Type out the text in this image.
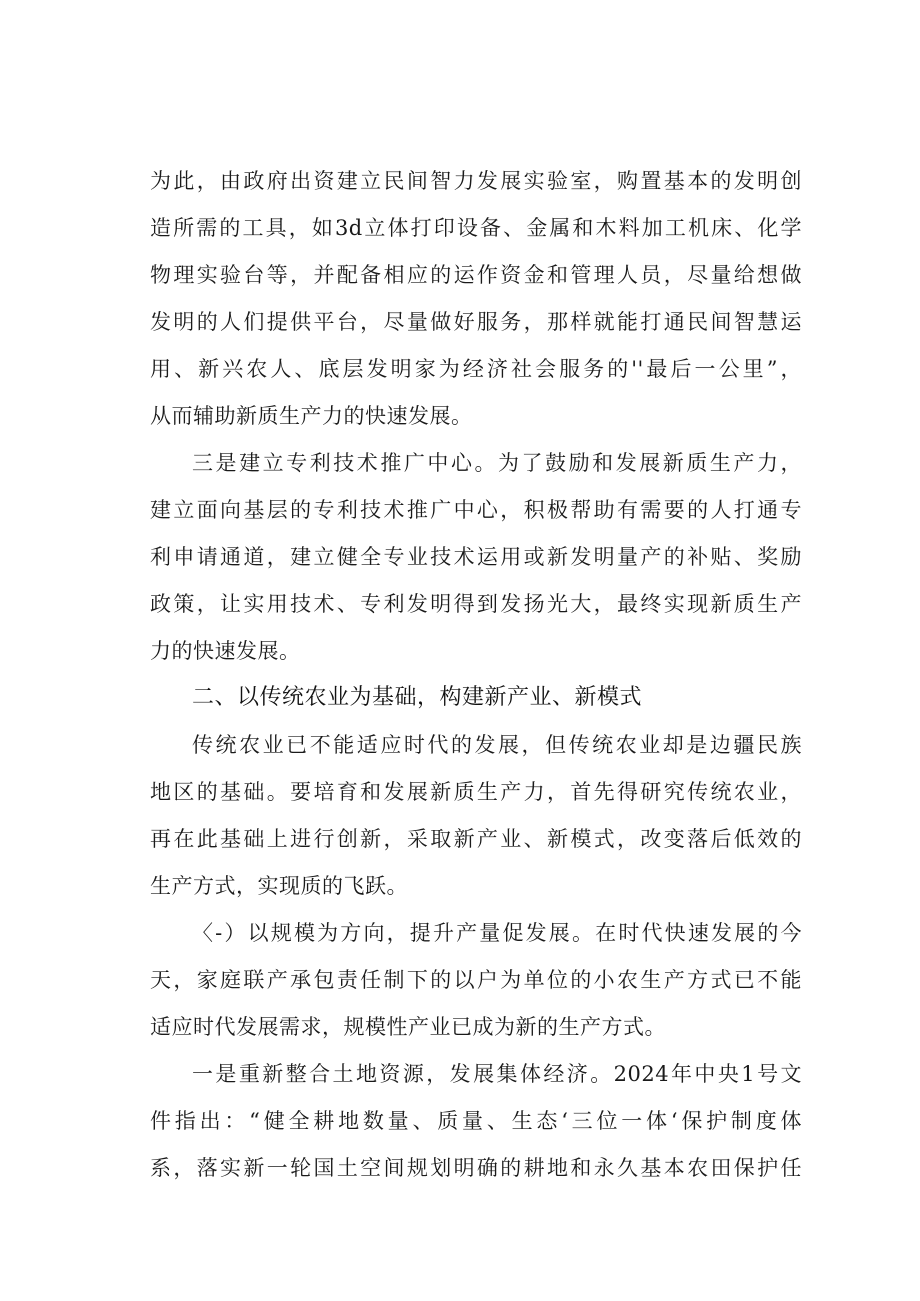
为此，由政府出资建立民间智力发展实验室，购置基本的发明创
造所需的工具，如3d立体打印设备、金属和木料加工机床、化学
物理实验台等，并配备相应的运作资金和管理人员，尽量给想做
发明的人们提供平台，尽量做好服务，那样就能打通民间智慧运
用、新兴农人、底层发明家为经济社会服务的''最后一公里”，
从而辅助新质生产力的快速发展。
三是建立专利技术推广中心。为了鼓励和发展新质生产力，
建立面向基层的专利技术推广中心，积极帮助有需要的人打通专
利申请通道，建立健全专业技术运用或新发明量产的补贴、奖励
政策，让实用技术、专利发明得到发扬光大，最终实现新质生产
力的快速发展。
二、以传统农业为基础，构建新产业、新模式
传统农业已不能适应时代的发展，但传统农业却是边疆民族
地区的基础。要培育和发展新质生产力，首先得研究传统农业，
再在此基础上进行创新，采取新产业、新模式，改变落后低效的
生产方式，实现质的飞跃。
〈-）以规模为方向，提升产量促发展。在时代快速发展的今
天，家庭联产承包责任制下的以户为单位的小农生产方式已不能
适应时代发展需求，规模性产业已成为新的生产方式。
一是重新整合土地资源，发展集体经济。2024年中央1号文
件指出：“健全耕地数量、质量、生态‘三位一体‘保护制度体
系，落实新一轮国土空间规划明确的耕地和永久基本农田保护任
